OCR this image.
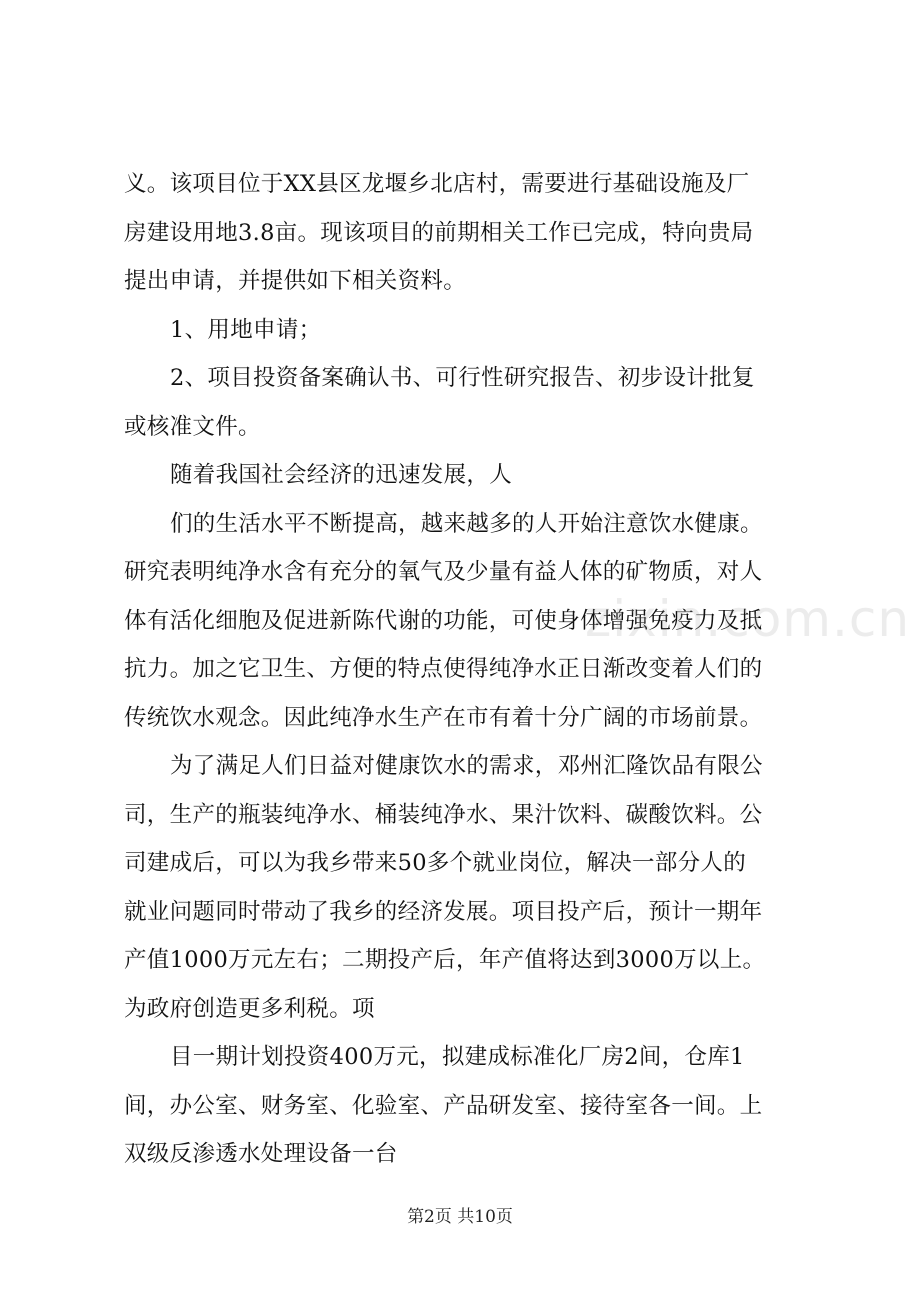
义。该项目位于XX县区龙堰乡北店村，需要进行基础设施及厂
房建设用地3.8亩。现该项目的前期相关工作已完成，特向贵局
提出申请，并提供如下相关资料。
1、用地申请；
2、项目投资备案确认书、可行性研究报告、初步设计批复
或核准文件。
随着我国社会经济的迅速发展，人
们的生活水平不断提高，越来越多的人开始注意饮水健康。
研究表明纯净水含有充分的氧气及少量有益人体的矿物质，对人
体有活化细胞及促进新陈代谢的功能，可使身体增强免疫力及抵
抗力。加之它卫生、方便的特点使得纯净水正日渐改变着人们的
传统饮水观念。因此纯净水生产在市有着十分广阔的市场前景。
为了满足人们日益对健康饮水的需求，邓州汇隆饮品有限公
司，生产的瓶装纯净水、桶装纯净水、果汁饮料、碳酸饮料。公
司建成后，可以为我乡带来50多个就业岗位，解决一部分人的
就业问题同时带动了我乡的经济发展。项目投产后，预计一期年
产值1000万元左右；二期投产后，年产值将达到3000万以上。
为政府创造更多利税。项
目一期计划投资400万元，拟建成标准化厂房2间，仓库1
间，办公室、财务室、化验室、产品研发室、接待室各一间。上
双级反渗透水处理设备一台
zixin.com.cn
第2页 共10页
